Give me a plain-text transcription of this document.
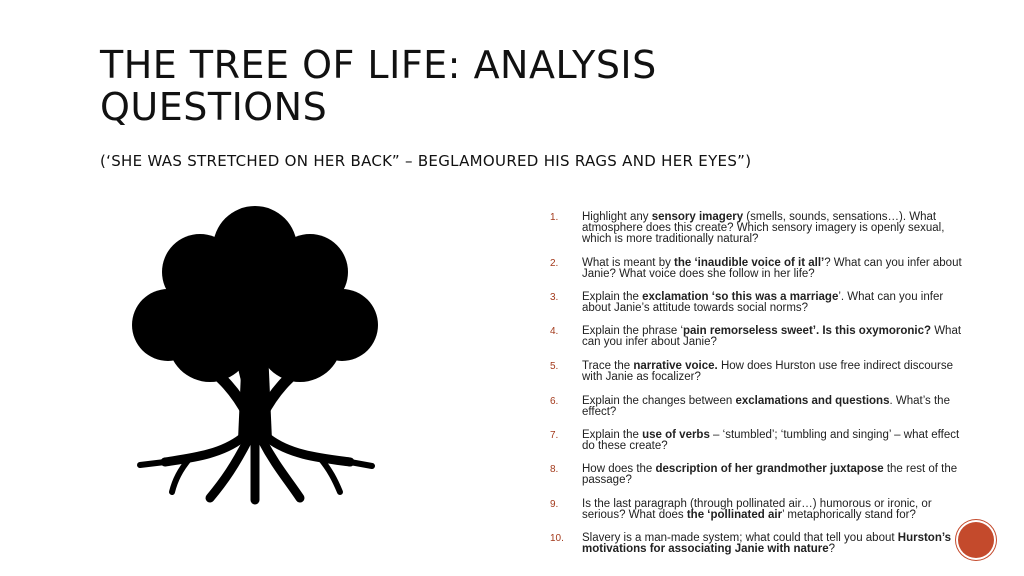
THE TREE OF LIFE: ANALYSIS QUESTIONS

(‘SHE WAS STRETCHED ON HER BACK” – BEGLAMOURED HIS RAGS AND HER EYES”)

1.	Highlight any sensory imagery (smells, sounds, sensations…). What atmosphere does this create? Which sensory imagery is openly sexual, which is more traditionally natural?
2.	What is meant by the ‘inaudible voice of it all’? What can you infer about Janie? What voice does she follow in her life?
3.	Explain the exclamation ‘so this was a marriage’. What can you infer about Janie’s attitude towards social norms?
4.	Explain the phrase ‘pain remorseless sweet’. Is this oxymoronic? What can you infer about Janie?
5.	Trace the narrative voice. How does Hurston use free indirect discourse with Janie as focalizer?
6.	Explain the changes between exclamations and questions. What’s the effect?
7.	Explain the use of verbs – ‘stumbled’; ‘tumbling and singing’ – what effect do these create?
8.	How does the description of her grandmother juxtapose the rest of the passage?
9.	Is the last paragraph (through pollinated air…) humorous or ironic, or serious? What does the ‘pollinated air’ metaphorically stand for?
10.	Slavery is a man-made system; what could that tell you about Hurston’s motivations for associating Janie with nature?
